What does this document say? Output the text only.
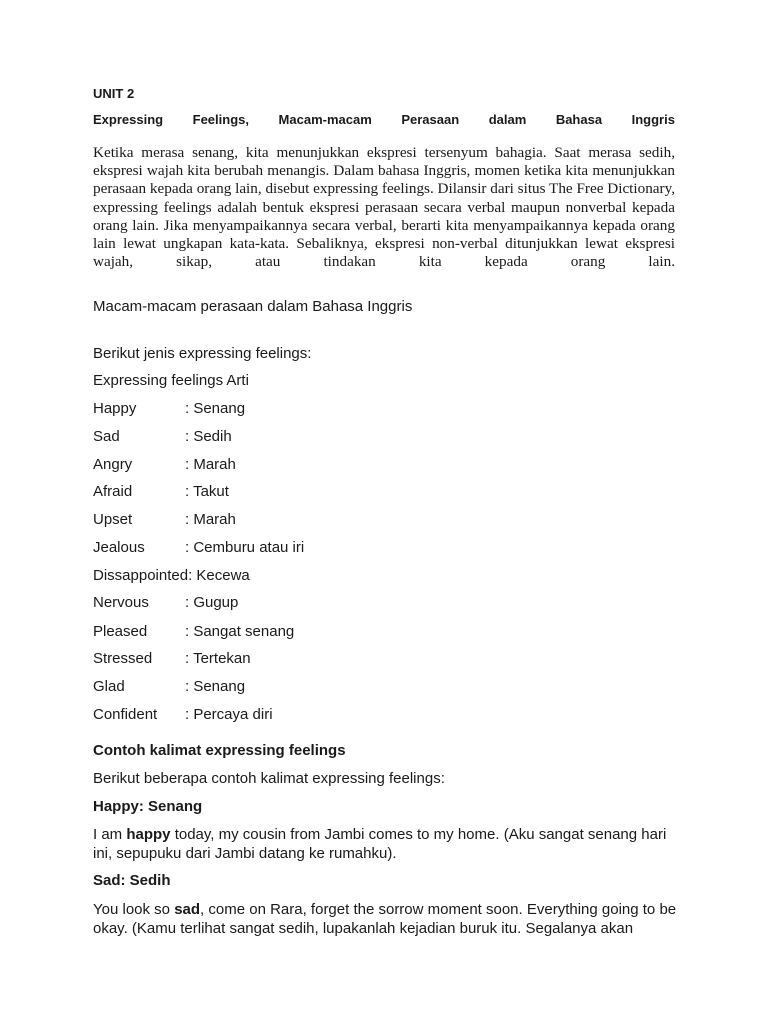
UNIT 2
Expressing Feelings, Macam-macam Perasaan dalam Bahasa Inggris

Ketika merasa senang, kita menunjukkan ekspresi tersenyum bahagia. Saat merasa sedih, ekspresi wajah kita berubah menangis. Dalam bahasa Inggris, momen ketika kita menunjukkan perasaan kepada orang lain, disebut expressing feelings. Dilansir dari situs The Free Dictionary, expressing feelings adalah bentuk ekspresi perasaan secara verbal maupun nonverbal kepada orang lain. Jika menyampaikannya secara verbal, berarti kita menyampaikannya kepada orang lain lewat ungkapan kata-kata. Sebaliknya, ekspresi non-verbal ditunjukkan lewat ekspresi wajah, sikap, atau tindakan kita kepada orang lain.

Macam-macam perasaan dalam Bahasa Inggris

Berikut jenis expressing feelings:

Expressing feelings Arti

Happy	: Senang
Sad	: Sedih
Angry	: Marah
Afraid	: Takut
Upset	: Marah
Jealous	: Cemburu atau iri
Dissappointed: Kecewa
Nervous : Gugup
Pleased	: Sangat senang
Stressed : Tertekan
Glad	: Senang
Confident : Percaya diri

Contoh kalimat expressing feelings

Berikut beberapa contoh kalimat expressing feelings:

Happy: Senang

I am happy today, my cousin from Jambi comes to my home. (Aku sangat senang hari ini, sepupuku dari Jambi datang ke rumahku).

Sad: Sedih

You look so sad, come on Rara, forget the sorrow moment soon. Everything going to be okay. (Kamu terlihat sangat sedih, lupakanlah kejadian buruk itu. Segalanya akan
